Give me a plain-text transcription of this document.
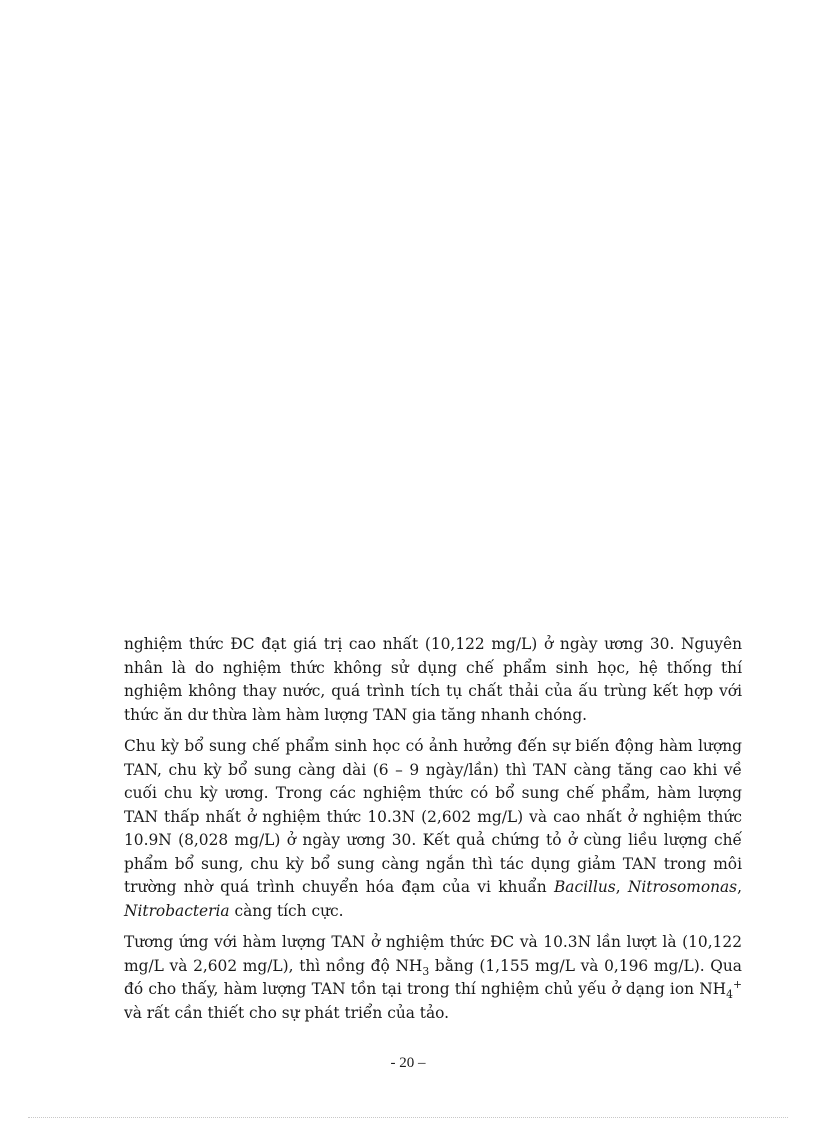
nghiệm thức ĐC đạt giá trị cao nhất (10,122 mg/L) ở ngày ương 30. Nguyên nhân là do nghiệm thức không sử dụng chế phẩm sinh học, hệ thống thí nghiệm không thay nước, quá trình tích tụ chất thải của ấu trùng kết hợp với thức ăn dư thừa làm hàm lượng TAN gia tăng nhanh chóng.

Chu kỳ bổ sung chế phẩm sinh học có ảnh hưởng đến sự biến động hàm lượng TAN, chu kỳ bổ sung càng dài (6 – 9 ngày/lần) thì TAN càng tăng cao khi về cuối chu kỳ ương. Trong các nghiệm thức có bổ sung chế phẩm, hàm lượng TAN thấp nhất ở nghiệm thức 10.3N (2,602 mg/L) và cao nhất ở nghiệm thức 10.9N (8,028 mg/L) ở ngày ương 30. Kết quả chứng tỏ ở cùng liều lượng chế phẩm bổ sung, chu kỳ bổ sung càng ngắn thì tác dụng giảm TAN trong môi trường nhờ quá trình chuyển hóa đạm của vi khuẩn Bacillus, Nitrosomonas, Nitrobacteria càng tích cực.

Tương ứng với hàm lượng TAN ở nghiệm thức ĐC và 10.3N lần lượt là (10,122 mg/L và 2,602 mg/L), thì nồng độ $NH_3$ bằng (1,155 mg/L và 0,196 mg/L). Qua đó cho thấy, hàm lượng TAN tồn tại trong thí nghiệm chủ yếu ở dạng ion $NH_4^+$ và rất cần thiết cho sự phát triển của tảo.

- 20 –
